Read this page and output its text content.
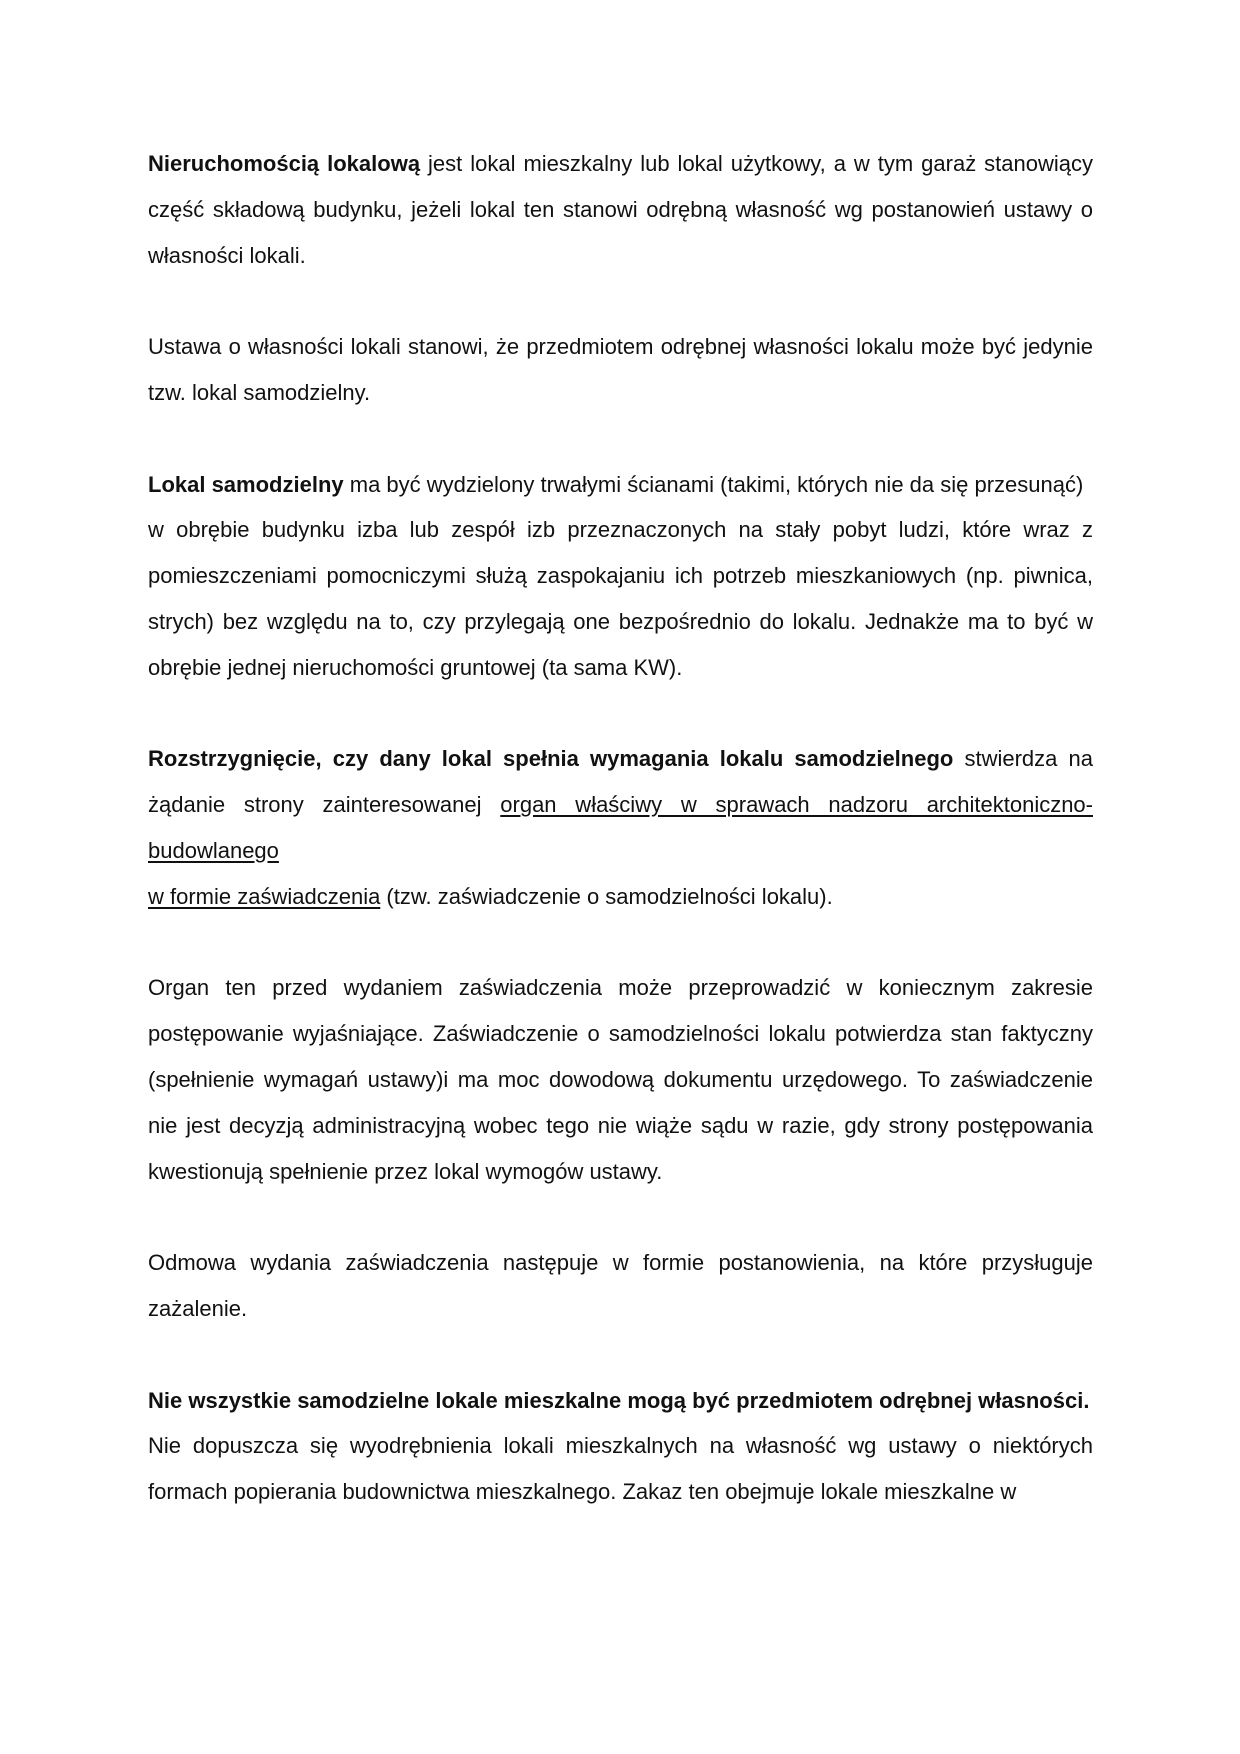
Nieruchomością lokalową jest lokal mieszkalny lub lokal użytkowy, a w tym garaż stanowiący część składową budynku, jeżeli lokal ten stanowi odrębną własność wg postanowień ustawy o własności lokali.

Ustawa o własności lokali stanowi, że przedmiotem odrębnej własności lokalu może być jedynie tzw. lokal samodzielny.

Lokal samodzielny ma być wydzielony trwałymi ścianami (takimi, których nie da się przesunąć)

w obrębie budynku izba lub zespół izb przeznaczonych na stały pobyt ludzi, które wraz z pomieszczeniami pomocniczymi służą zaspokajaniu ich potrzeb mieszkaniowych (np. piwnica, strych) bez względu na to, czy przylegają one bezpośrednio do lokalu. Jednakże ma to być w obrębie jednej nieruchomości gruntowej (ta sama KW).

Rozstrzygnięcie, czy dany lokal spełnia wymagania lokalu samodzielnego stwierdza na żądanie strony zainteresowanej organ właściwy w sprawach nadzoru architektoniczno-budowlanego

w formie zaświadczenia (tzw. zaświadczenie o samodzielności lokalu).

Organ ten przed wydaniem zaświadczenia może przeprowadzić w koniecznym zakresie postępowanie wyjaśniające. Zaświadczenie o samodzielności lokalu potwierdza stan faktyczny (spełnienie wymagań ustawy)i ma moc dowodową dokumentu urzędowego. To zaświadczenie nie jest decyzją administracyjną wobec tego nie wiąże sądu w razie, gdy strony postępowania kwestionują spełnienie przez lokal wymogów ustawy.

Odmowa wydania zaświadczenia następuje w formie postanowienia, na które przysługuje zażalenie.

Nie wszystkie samodzielne lokale mieszkalne mogą być przedmiotem odrębnej własności.
Nie dopuszcza się wyodrębnienia lokali mieszkalnych na własność wg ustawy o niektórych formach popierania budownictwa mieszkalnego. Zakaz ten obejmuje lokale mieszkalne w
